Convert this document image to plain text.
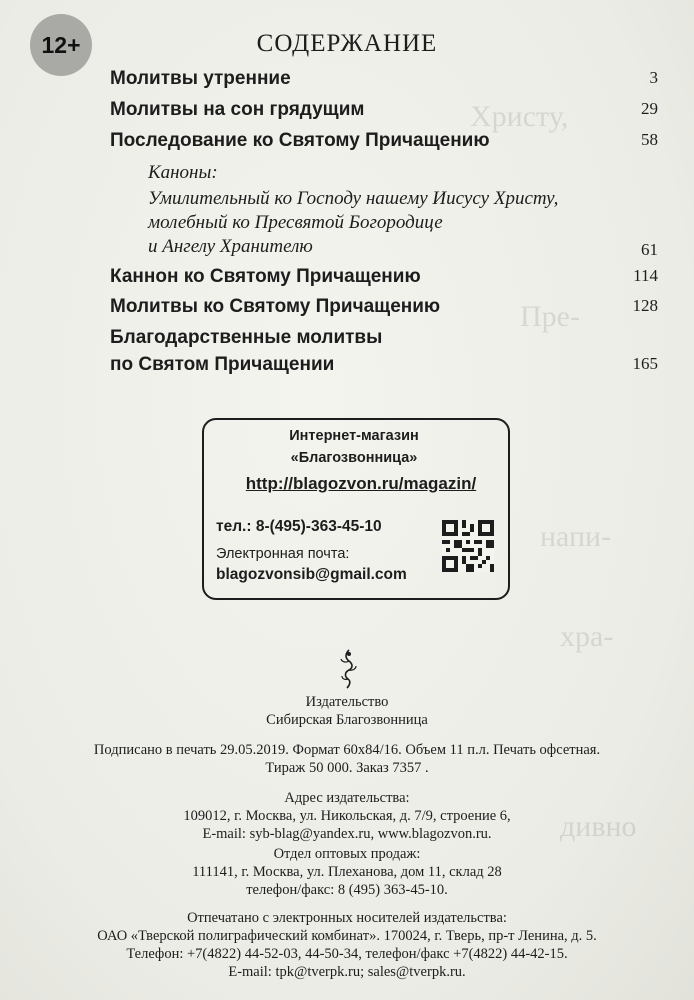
Христу,
Пре-
напи-
хра-
дивно
12+	СОДЕРЖАНИЕ
Молитвы утренние	3
Молитвы на сон грядущим	29
Последование ко Святому Причащению	58
Каноны:
Умилительный ко Господу нашему Иисусу Христу,
молебный ко Пресвятой Богородице
и Ангелу Хранителю	61
Каннон ко Святому Причащению	114
Молитвы ко Святому Причащению	128
Благодарственные молитвы
по Святом Причащении	165
Интернет-магазин
«Благозвонница»
http://blagozvon.ru/magazin/
тел.: 8-(495)-363-45-10
Электронная почта:
blagozvonsib@gmail.com
Издательство
Сибирская Благозвонница
Подписано в печать 29.05.2019. Формат 60x84/16. Объем 11 п.л. Печать офсетная.
Тираж 50 000. Заказ 7357 .
Адрес издательства:
109012, г. Москва, ул. Никольская, д. 7/9, строение 6,
E-mail: syb-blag@yandex.ru, www.blagozvon.ru.
Отдел оптовых продаж:
111141, г. Москва, ул. Плеханова, дом 11, склад 28
телефон/факс: 8 (495) 363-45-10.
Отпечатано с электронных носителей издательства:
ОАО «Тверской полиграфический комбинат». 170024, г. Тверь, пр-т Ленина, д. 5.
Телефон: +7(4822) 44-52-03, 44-50-34, телефон/факс +7(4822) 44-42-15.
E-mail: tpk@tverpk.ru; sales@tverpk.ru.
